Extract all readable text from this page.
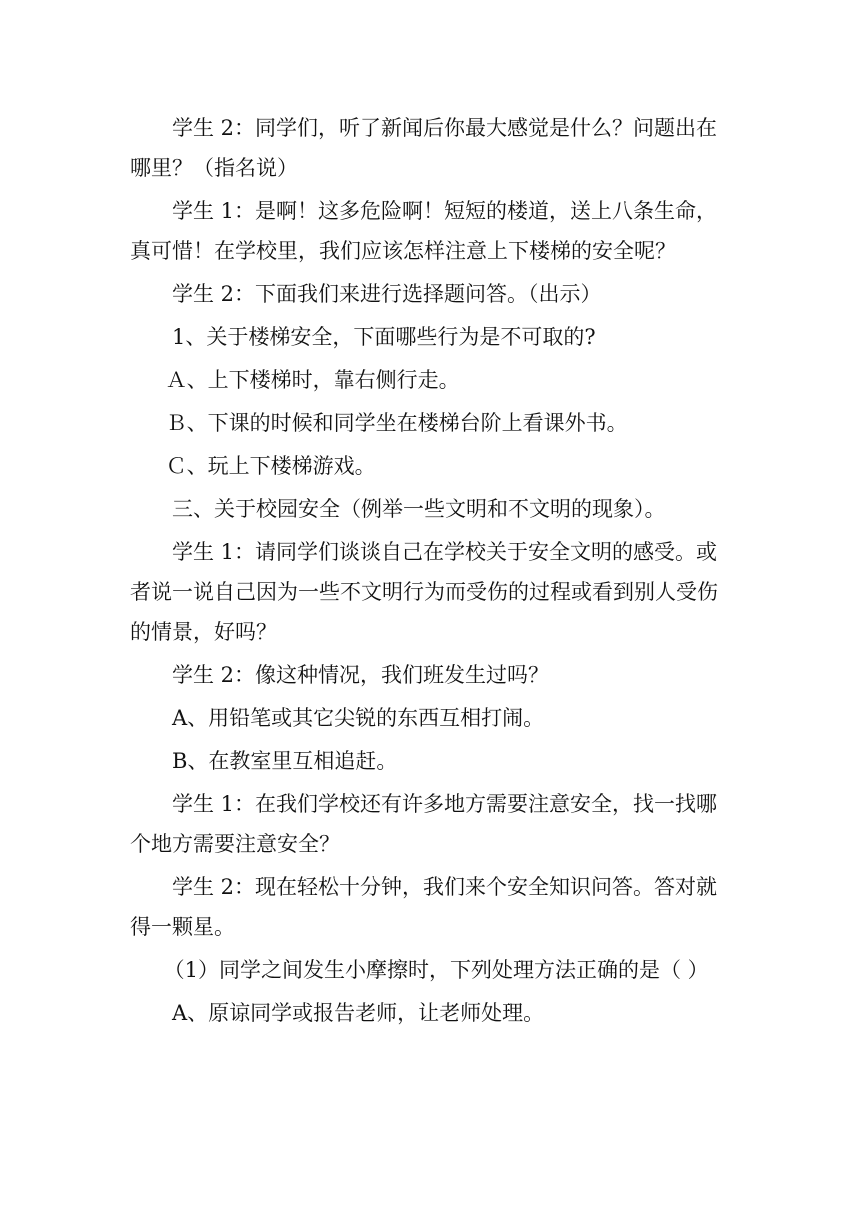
学生 2：同学们，听了新闻后你最大感觉是什么？问题出在哪里？（指名说）

学生 1：是啊！这多危险啊！短短的楼道，送上八条生命，真可惜！在学校里，我们应该怎样注意上下楼梯的安全呢？

学生 2：下面我们来进行选择题问答。（出示）

1、关于楼梯安全，下面哪些行为是不可取的?

Ａ、上下楼梯时，靠右侧行走。

Ｂ、下课的时候和同学坐在楼梯台阶上看课外书。

Ｃ、玩上下楼梯游戏。

三、关于校园安全（例举一些文明和不文明的现象）。

学生 1：请同学们谈谈自己在学校关于安全文明的感受。或者说一说自己因为一些不文明行为而受伤的过程或看到别人受伤的情景，好吗？

学生 2：像这种情况，我们班发生过吗？

A、用铅笔或其它尖锐的东西互相打闹。

B、在教室里互相追赶。

学生 1：在我们学校还有许多地方需要注意安全，找一找哪个地方需要注意安全？

学生 2：现在轻松十分钟，我们来个安全知识问答。答对就得一颗星。

（1）同学之间发生小摩擦时，下列处理方法正确的是（ ）

A、原谅同学或报告老师，让老师处理。
